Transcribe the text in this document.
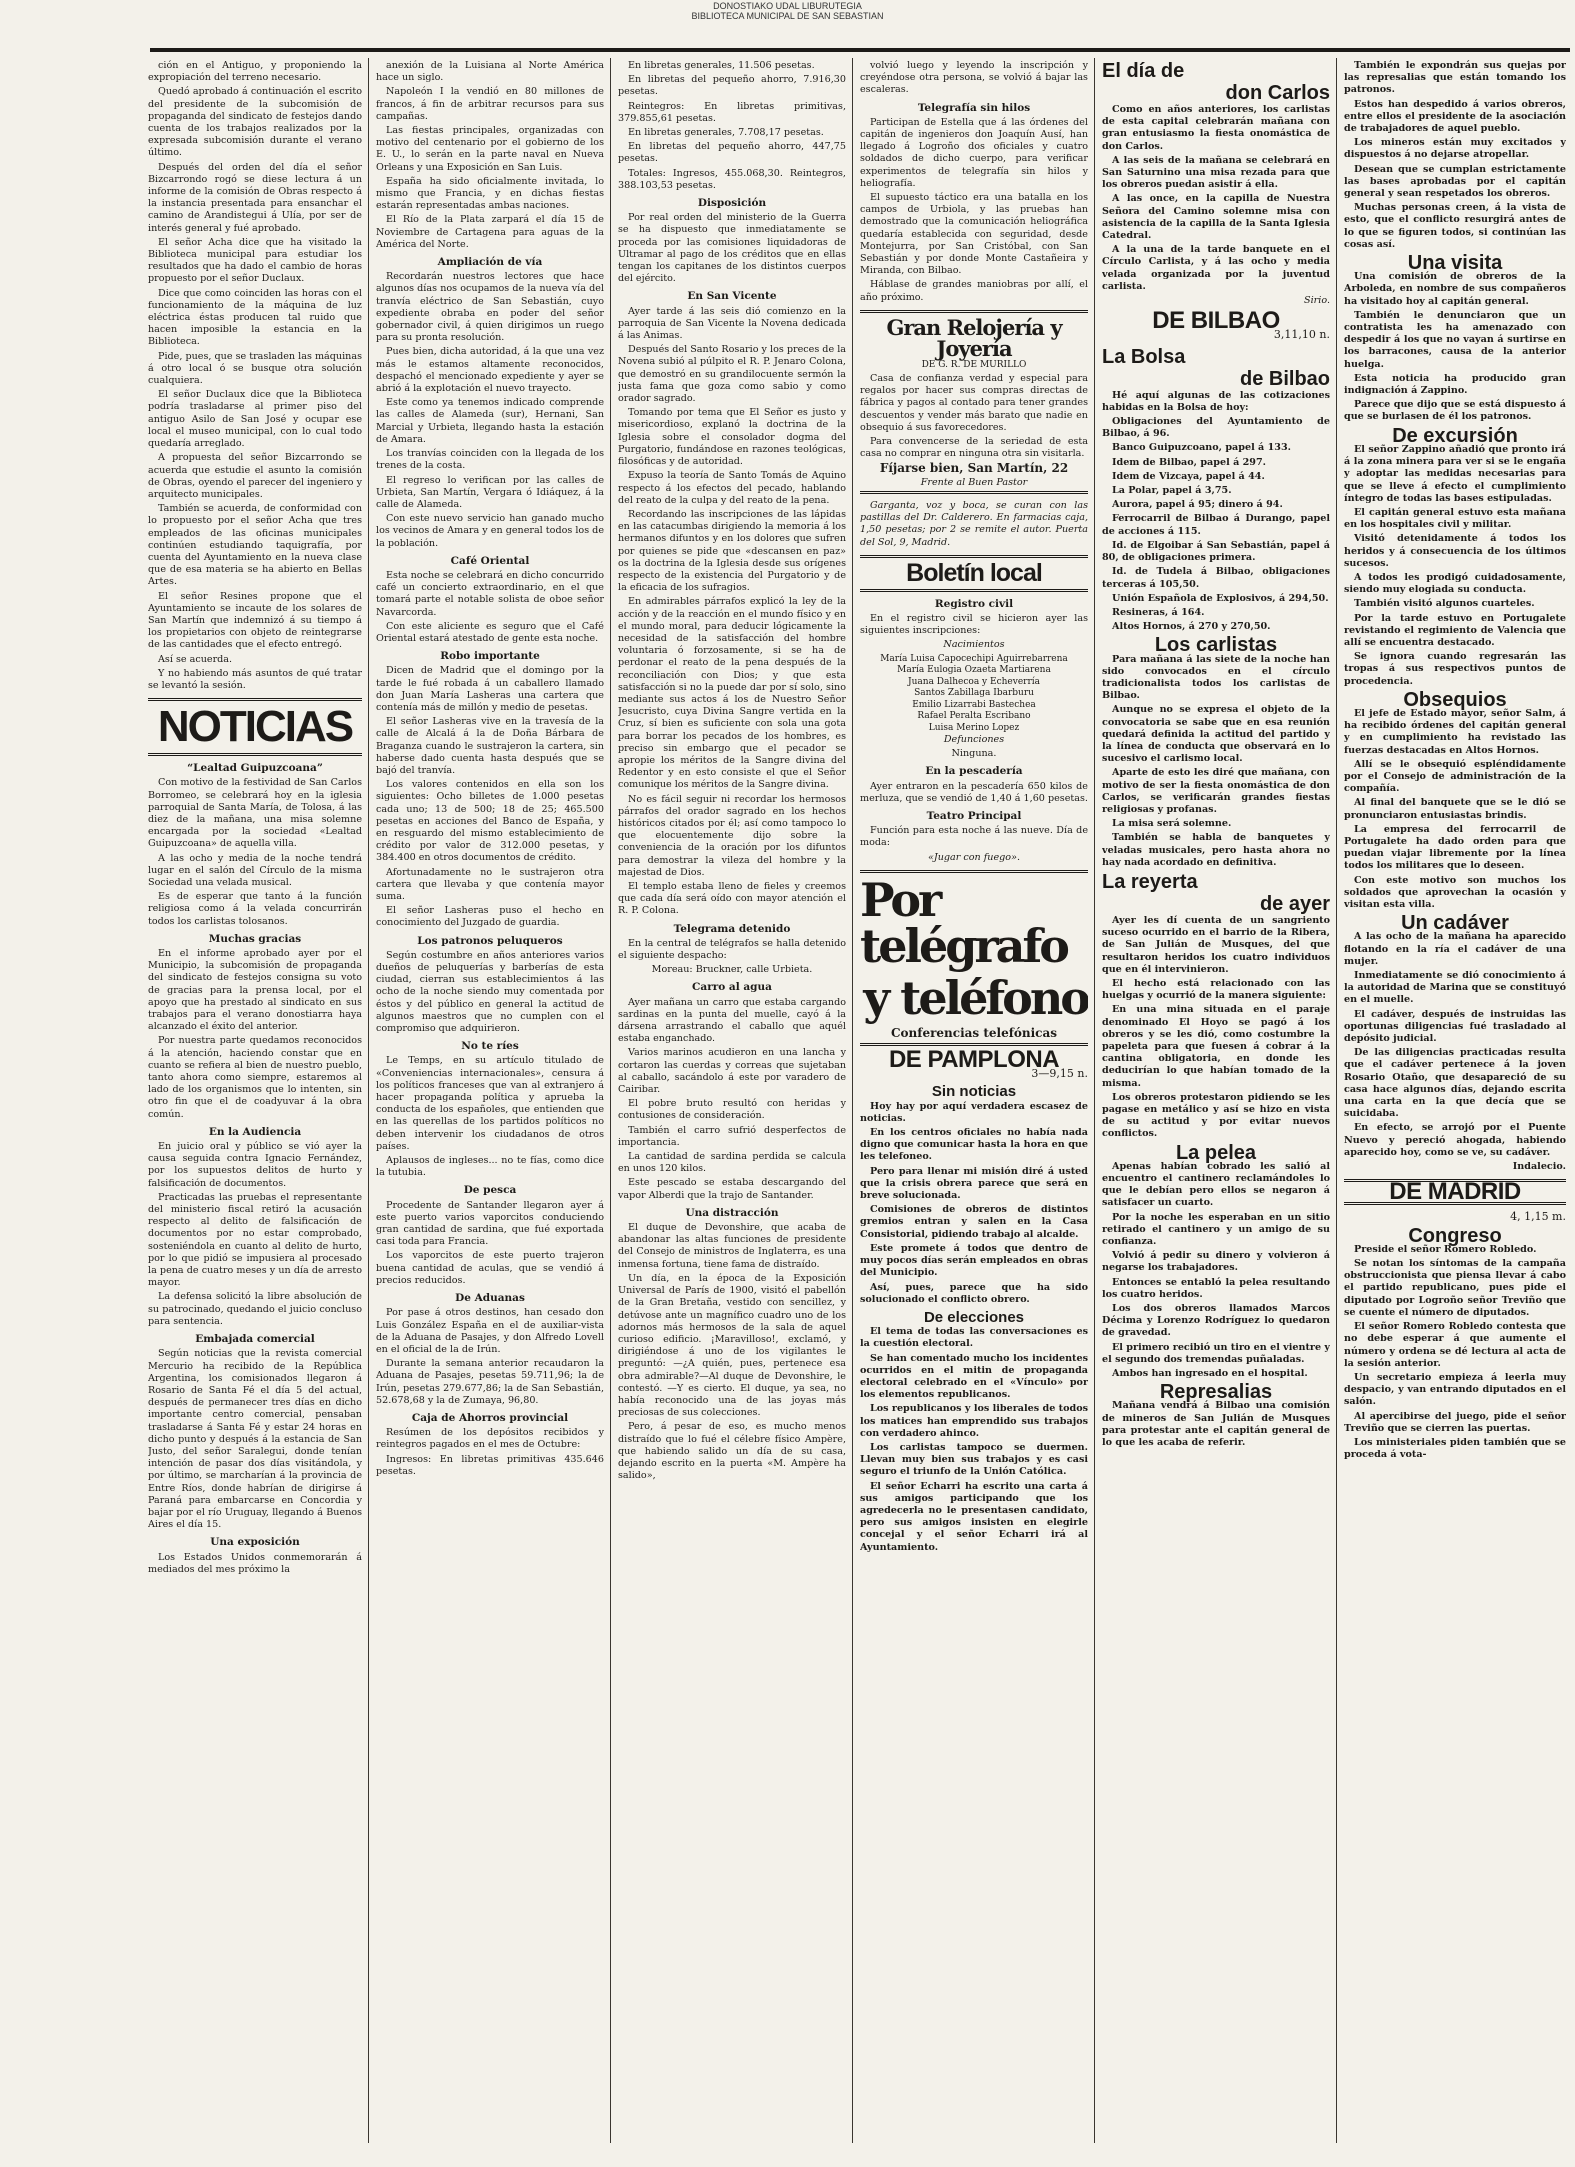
DONOSTIAKO UDAL LIBURUTEGIA
BIBLIOTECA MUNICIPAL DE SAN SEBASTIAN

ción en el Antiguo, y proponiendo la expropiación del terreno necesario.

Quedó aprobado á continuación el escrito del presidente de la subcomisión de propaganda del sindicato de festejos dando cuenta de los trabajos realizados por la expresada subcomisión durante el verano último.

Después del orden del día el señor Bizcarrondo rogó se diese lectura á un informe de la comisión de Obras respecto á la instancia presentada para ensanchar el camino de Arandistegui á Ulía, por ser de interés general y fué aprobado.

El señor Acha dice que ha visitado la Biblioteca municipal para estudiar los resultados que ha dado el cambio de horas propuesto por el señor Duclaux.

Dice que como coinciden las horas con el funcionamiento de la máquina de luz eléctrica éstas producen tal ruido que hacen imposible la estancia en la Biblioteca.

Pide, pues, que se trasladen las máquinas á otro local ó se busque otra solución cualquiera.

El señor Duclaux dice que la Biblioteca podría trasladarse al primer piso del antiguo Asilo de San José y ocupar ese local el museo municipal, con lo cual todo quedaría arreglado.

A propuesta del señor Bizcarrondo se acuerda que estudie el asunto la comisión de Obras, oyendo el parecer del ingeniero y arquitecto municipales.

También se acuerda, de conformidad con lo propuesto por el señor Acha que tres empleados de las oficinas municipales continúen estudiando taquigrafía, por cuenta del Ayuntamiento en la nueva clase que de esa materia se ha abierto en Bellas Artes.

El señor Resines propone que el Ayuntamiento se incaute de los solares de San Martín que indemnizó á su tiempo á los propietarios con objeto de reintegrarse de las cantidades que el efecto entregó.

Así se acuerda.

Y no habiendo más asuntos de qué tratar se levantó la sesión.

NOTICIAS
“Lealtad Guipuzcoana”

Con motivo de la festividad de San Carlos Borromeo, se celebrará hoy en la iglesia parroquial de Santa María, de Tolosa, á las diez de la mañana, una misa solemne encargada por la sociedad «Lealtad Guipuzcoana» de aquella villa.

A las ocho y media de la noche tendrá lugar en el salón del Círculo de la misma Sociedad una velada musical.

Es de esperar que tanto á la función religiosa como á la velada concurrirán todos los carlistas tolosanos.

Muchas gracias

En el informe aprobado ayer por el Municipio, la subcomisión de propaganda del sindicato de festejos consigna su voto de gracias para la prensa local, por el apoyo que ha prestado al sindicato en sus trabajos para el verano donostiarra haya alcanzado el éxito del anterior.

Por nuestra parte quedamos reconocidos á la atención, haciendo constar que en cuanto se refiera al bien de nuestro pueblo, tanto ahora como siempre, estaremos al lado de los organismos que lo intenten, sin otro fin que el de coadyuvar á la obra común.

En la Audiencia

En juicio oral y público se vió ayer la causa seguida contra Ignacio Fernández, por los supuestos delitos de hurto y falsificación de documentos.

Practicadas las pruebas el representante del ministerio fiscal retiró la acusación respecto al delito de falsificación de documentos por no estar comprobado, sosteniéndola en cuanto al delito de hurto, por lo que pidió se impusiera al procesado la pena de cuatro meses y un día de arresto mayor.

La defensa solicitó la libre absolución de su patrocinado, quedando el juicio concluso para sentencia.

Embajada comercial

Según noticias que la revista comercial Mercurio ha recibido de la República Argentina, los comisionados llegaron á Rosario de Santa Fé el día 5 del actual, después de permanecer tres días en dicho importante centro comercial, pensaban trasladarse á Santa Fé y estar 24 horas en dicho punto y después á la estancia de San Justo, del señor Saralegui, donde tenían intención de pasar dos días visitándola, y por último, se marcharían á la provincia de Entre Ríos, donde habrían de dirigirse á Paraná para embarcarse en Concordia y bajar por el río Uruguay, llegando á Buenos Aires el día 15.

Una exposición

Los Estados Unidos conmemorarán á mediados del mes próximo la

anexión de la Luisiana al Norte América hace un siglo.

Napoleón I la vendió en 80 millones de francos, á fin de arbitrar recursos para sus campañas.

Las fiestas principales, organizadas con motivo del centenario por el gobierno de los E. U., lo serán en la parte naval en Nueva Orleans y una Exposición en San Luis.

España ha sido oficialmente invitada, lo mismo que Francia, y en dichas fiestas estarán representadas ambas naciones.

El Río de la Plata zarpará el día 15 de Noviembre de Cartagena para aguas de la América del Norte.

Ampliación de vía

Recordarán nuestros lectores que hace algunos días nos ocupamos de la nueva vía del tranvía eléctrico de San Sebastián, cuyo expediente obraba en poder del señor gobernador civil, á quien dirigimos un ruego para su pronta resolución.

Pues bien, dicha autoridad, á la que una vez más le estamos altamente reconocidos, despachó el mencionado expediente y ayer se abrió á la explotación el nuevo trayecto.

Este como ya tenemos indicado comprende las calles de Alameda (sur), Hernani, San Marcial y Urbieta, llegando hasta la estación de Amara.

Los tranvías coinciden con la llegada de los trenes de la costa.

El regreso lo verifican por las calles de Urbieta, San Martín, Vergara ó Idiáquez, á la calle de Alameda.

Con este nuevo servicio han ganado mucho los vecinos de Amara y en general todos los de la población.

Café Oriental

Esta noche se celebrará en dicho concurrido café un concierto extraordinario, en el que tomará parte el notable solista de oboe señor Navarcorda.

Con este aliciente es seguro que el Café Oriental estará atestado de gente esta noche.

Robo importante

Dicen de Madrid que el domingo por la tarde le fué robada á un caballero llamado don Juan María Lasheras una cartera que contenía más de millón y medio de pesetas.

El señor Lasheras vive en la travesía de la calle de Alcalá á la de Doña Bárbara de Braganza cuando le sustrajeron la cartera, sin haberse dado cuenta hasta después que se bajó del tranvía.

Los valores contenidos en ella son los siguientes: Ocho billetes de 1.000 pesetas cada uno; 13 de 500; 18 de 25; 465.500 pesetas en acciones del Banco de España, y en resguardo del mismo establecimiento de crédito por valor de 312.000 pesetas, y 384.400 en otros documentos de crédito.

Afortunadamente no le sustrajeron otra cartera que llevaba y que contenía mayor suma.

El señor Lasheras puso el hecho en conocimiento del Juzgado de guardia.

Los patronos peluqueros

Según costumbre en años anteriores varios dueños de peluquerías y barberías de esta ciudad, cierran sus establecimientos á las ocho de la noche siendo muy comentada por éstos y del público en general la actitud de algunos maestros que no cumplen con el compromiso que adquirieron.

No te ríes

Le Temps, en su artículo titulado de «Conveniencias internacionales», censura á los políticos franceses que van al extranjero á hacer propaganda política y aprueba la conducta de los españoles, que entienden que en las querellas de los partidos políticos no deben intervenir los ciudadanos de otros países.

Aplausos de ingleses... no te fías, como dice la tutubia.

De pesca

Procedente de Santander llegaron ayer á este puerto varios vaporcitos conduciendo gran cantidad de sardina, que fué exportada casi toda para Francia.

Los vaporcitos de este puerto trajeron buena cantidad de aculas, que se vendió á precios reducidos.

De Aduanas

Por pase á otros destinos, han cesado don Luis González España en el de auxiliar-vista de la Aduana de Pasajes, y don Alfredo Lovell en el oficial de la de Irún.

Durante la semana anterior recaudaron la Aduana de Pasajes, pesetas 59.711,96; la de Irún, pesetas 279.677,86; la de San Sebastián, 52.678,68 y la de Zumaya, 96,80.

Caja de Ahorros provincial

Resúmen de los depósitos recibidos y reintegros pagados en el mes de Octubre:

Ingresos: En libretas primitivas 435.646 pesetas.

En libretas generales, 11.506 pesetas.

En libretas del pequeño ahorro, 7.916,30 pesetas.

Reintegros: En libretas primitivas, 379.855,61 pesetas.

En libretas generales, 7.708,17 pesetas.

En libretas del pequeño ahorro, 447,75 pesetas.

Totales: Ingresos, 455.068,30. Reintegros, 388.103,53 pesetas.

Disposición

Por real orden del ministerio de la Guerra se ha dispuesto que inmediatamente se proceda por las comisiones liquidadoras de Ultramar al pago de los créditos que en ellas tengan los capitanes de los distintos cuerpos del ejército.

En San Vicente

Ayer tarde á las seis dió comienzo en la parroquia de San Vicente la Novena dedicada á las Animas.

Después del Santo Rosario y los preces de la Novena subió al púlpito el R. P. Jenaro Colona, que demostró en su grandilocuente sermón la justa fama que goza como sabio y como orador sagrado.

Tomando por tema que El Señor es justo y misericordioso, explanó la doctrina de la Iglesia sobre el consolador dogma del Purgatorio, fundándose en razones teológicas, filosóficas y de autoridad.

Expuso la teoría de Santo Tomás de Aquino respecto á los efectos del pecado, hablando del reato de la culpa y del reato de la pena.

Recordando las inscripciones de las lápidas en las catacumbas dirigiendo la memoria á los hermanos difuntos y en los dolores que sufren por quienes se pide que «descansen en paz» os la doctrina de la Iglesia desde sus orígenes respecto de la existencia del Purgatorio y de la eficacia de los sufragios.

En admirables párrafos explicó la ley de la acción y de la reacción en el mundo físico y en el mundo moral, para deducir lógicamente la necesidad de la satisfacción del hombre voluntaria ó forzosamente, si se ha de perdonar el reato de la pena después de la reconciliación con Dios; y que esta satisfacción si no la puede dar por sí solo, sino mediante sus actos á los de Nuestro Señor Jesucristo, cuya Divina Sangre vertida en la Cruz, sí bien es suficiente con sola una gota para borrar los pecados de los hombres, es preciso sin embargo que el pecador se apropie los méritos de la Sangre divina del Redentor y en esto consiste el que el Señor comunique los méritos de la Sangre divina.

No es fácil seguir ni recordar los hermosos párrafos del orador sagrado en los hechos históricos citados por él; así como tampoco lo que elocuentemente dijo sobre la conveniencia de la oración por los difuntos para demostrar la vileza del hombre y la majestad de Dios.

El templo estaba lleno de fieles y creemos que cada día será oído con mayor atención el R. P. Colona.

Telegrama detenido

En la central de telégrafos se halla detenido el siguiente despacho:

Moreau: Bruckner, calle Urbieta.

Carro al agua

Ayer mañana un carro que estaba cargando sardinas en la punta del muelle, cayó á la dársena arrastrando el caballo que aquél estaba enganchado.

Varios marinos acudieron en una lancha y cortaron las cuerdas y correas que sujetaban al caballo, sacándolo á este por varadero de Cairibar.

El pobre bruto resultó con heridas y contusiones de consideración.

También el carro sufrió desperfectos de importancia.

La cantidad de sardina perdida se calcula en unos 120 kilos.

Este pescado se estaba descargando del vapor Alberdi que la trajo de Santander.

Una distracción

El duque de Devonshire, que acaba de abandonar las altas funciones de presidente del Consejo de ministros de Inglaterra, es una inmensa fortuna, tiene fama de distraído.

Un día, en la época de la Exposición Universal de París de 1900, visitó el pabellón de la Gran Bretaña, vestido con sencillez, y detúvose ante un magnífico cuadro uno de los adornos más hermosos de la sala de aquel curioso edificio. ¡Maravilloso!, exclamó, y dirigiéndose á uno de los vigilantes le preguntó: —¿A quién, pues, pertenece esa obra admirable?—Al duque de Devonshire, le contestó. —Y es cierto. El duque, ya sea, no había reconocido una de las joyas más preciosas de sus colecciones.

Pero, á pesar de eso, es mucho menos distraído que lo fué el célebre físico Ampère, que habiendo salido un día de su casa, dejando escrito en la puerta «M. Ampère ha salido»,

volvió luego y leyendo la inscripción y creyéndose otra persona, se volvió á bajar las escaleras.

Telegrafía sin hilos

Participan de Estella que á las órdenes del capitán de ingenieros don Joaquín Ausí, han llegado á Logroño dos oficiales y cuatro soldados de dicho cuerpo, para verificar experimentos de telegrafía sin hilos y heliografía.

El supuesto táctico era una batalla en los campos de Urbiola, y las pruebas han demostrado que la comunicación heliográfica quedaría establecida con seguridad, desde Montejurra, por San Cristóbal, con San Sebastián y por donde Monte Castañeira y Miranda, con Bilbao.

Háblase de grandes maniobras por allí, el año próximo.

Gran Relojería y Joyería

DE G. R. DE MURILLO

Casa de confianza verdad y especial para regalos por hacer sus compras directas de fábrica y pagos al contado para tener grandes descuentos y vender más barato que nadie en obsequio á sus favorecedores.

Para convencerse de la seriedad de esta casa no comprar en ninguna otra sin visitarla.

Fíjarse bien, San Martín, 22

Frente al Buen Pastor

Garganta, voz y boca, se curan con las pastillas del Dr. Calderero. En farmacias caja, 1,50 pesetas; por 2 se remite el autor. Puerta del Sol, 9, Madrid.

Boletín local
Registro civil

En el registro civil se hicieron ayer las siguientes inscripciones:

Nacimientos

María Luisa Capocechipi Aguirrebarrena
María Eulogia Ozaeta Martiarena
Juana Dalhecoa y Echeverría
Santos Zabillaga Ibarburu
Emilio Lizarrabi Bastechea
Rafael Peralta Escribano
Luisa Merino Lopez

Defunciones

Ninguna.

En la pescadería

Ayer entraron en la pescadería 650 kilos de merluza, que se vendió de 1,40 á 1,60 pesetas.

Teatro Principal

Función para esta noche á las nueve. Día de moda:

«Jugar con fuego».

Por telégrafo
y teléfono
Conferencias telefónicas
DE PAMPLONA
3—9,15 n.
Sin noticias

Hoy hay por aquí verdadera escasez de noticias.

En los centros oficiales no había nada digno que comunicar hasta la hora en que les telefoneo.

Pero para llenar mi misión diré á usted que la crisis obrera parece que será en breve solucionada.

Comisiones de obreros de distintos gremios entran y salen en la Casa Consistorial, pidiendo trabajo al alcalde.

Este promete á todos que dentro de muy pocos días serán empleados en obras del Municipio.

Así, pues, parece que ha sido solucionado el conflicto obrero.

De elecciones

El tema de todas las conversaciones es la cuestión electoral.

Se han comentado mucho los incidentes ocurridos en el mitin de propaganda electoral celebrado en el «Vínculo» por los elementos republicanos.

Los republicanos y los liberales de todos los matices han emprendido sus trabajos con verdadero ahinco.

Los carlistas tampoco se duermen. Llevan muy bien sus trabajos y es casi seguro el triunfo de la Unión Católica.

El señor Echarri ha escrito una carta á sus amigos participando que los agredecerla no le presentasen candidato, pero sus amigos insisten en elegirle concejal y el señor Echarri irá al Ayuntamiento.

El día de
don Carlos

Como en años anteriores, los carlistas de esta capital celebrarán mañana con gran entusiasmo la fiesta onomástica de don Carlos.

A las seis de la mañana se celebrará en San Saturnino una misa rezada para que los obreros puedan asistir á ella.

A las once, en la capilla de Nuestra Señora del Camino solemne misa con asistencia de la capilla de la Santa Iglesia Catedral.

A la una de la tarde banquete en el Círculo Carlista, y á las ocho y media velada organizada por la juventud carlista.

Sirio.

DE BILBAO
3,11,10 n.
La Bolsa
de Bilbao

Hé aquí algunas de las cotizaciones habidas en la Bolsa de hoy:

Obligaciones del Ayuntamiento de Bilbao, á 96.

Banco Guipuzcoano, papel á 133.

Idem de Bilbao, papel á 297.

Idem de Vizcaya, papel á 44.

La Polar, papel á 3,75.

Aurora, papel á 95; dinero á 94.

Ferrocarril de Bilbao á Durango, papel de acciones á 115.

Id. de Elgoibar á San Sebastián, papel á 80, de obligaciones primera.

Id. de Tudela á Bilbao, obligaciones terceras á 105,50.

Unión Española de Explosivos, á 294,50.

Resineras, á 164.

Altos Hornos, á 270 y 270,50.

Los carlistas

Para mañana á las siete de la noche han sido convocados en el círculo tradicionalista todos los carlistas de Bilbao.

Aunque no se expresa el objeto de la convocatoria se sabe que en esa reunión quedará definida la actitud del partido y la línea de conducta que observará en lo sucesivo el carlismo local.

Aparte de esto les diré que mañana, con motivo de ser la fiesta onomástica de don Carlos, se verificarán grandes fiestas religiosas y profanas.

La misa será solemne.

También se habla de banquetes y veladas musicales, pero hasta ahora no hay nada acordado en definitiva.

La reyerta
de ayer

Ayer les dí cuenta de un sangriento suceso ocurrido en el barrio de la Ribera, de San Julián de Musques, del que resultaron heridos los cuatro individuos que en él intervinieron.

El hecho está relacionado con las huelgas y ocurrió de la manera siguiente:

En una mina situada en el paraje denominado El Hoyo se pagó á los obreros y se les dió, como costumbre la papeleta para que fuesen á cobrar á la cantina obligatoria, en donde les deducirían lo que habían tomado de la misma.

Los obreros protestaron pidiendo se les pagase en metálico y así se hizo en vista de su actitud y por evitar nuevos conflictos.

La pelea

Apenas habían cobrado les salió al encuentro el cantinero reclamándoles lo que le debían pero ellos se negaron á satisfacer un cuarto.

Por la noche les esperaban en un sitio retirado el cantinero y un amigo de su confianza.

Volvió á pedir su dinero y volvieron á negarse los trabajadores.

Entonces se entabló la pelea resultando los cuatro heridos.

Los dos obreros llamados Marcos Décima y Lorenzo Rodríguez lo quedaron de gravedad.

El primero recibió un tiro en el vientre y el segundo dos tremendas puñaladas.

Ambos han ingresado en el hospital.

Represalias

Mañana vendrá á Bilbao una comisión de mineros de San Julián de Musques para protestar ante el capitán general de lo que les acaba de referir.

También le expondrán sus quejas por las represalias que están tomando los patronos.

Estos han despedido á varios obreros, entre ellos el presidente de la asociación de trabajadores de aquel pueblo.

Los mineros están muy excitados y dispuestos á no dejarse atropellar.

Desean que se cumplan estrictamente las bases aprobadas por el capitán general y sean respetados los obreros.

Muchas personas creen, á la vista de esto, que el conflicto resurgirá antes de lo que se figuren todos, si continúan las cosas así.

Una visita

Una comisión de obreros de la Arboleda, en nombre de sus compañeros ha visitado hoy al capitán general.

También le denunciaron que un contratista les ha amenazado con despedir á los que no vayan á surtirse en los barracones, causa de la anterior huelga.

Esta noticia ha producido gran indignación á Zappino.

Parece que dijo que se está dispuesto á que se burlasen de él los patronos.

De excursión

El señor Zappino añadió que pronto irá á la zona minera para ver si se le engaña y adoptar las medidas necesarias para que se lleve á efecto el cumplimiento íntegro de todas las bases estipuladas.

El capitán general estuvo esta mañana en los hospitales civil y militar.

Visitó detenidamente á todos los heridos y á consecuencia de los últimos sucesos.

A todos les prodigó cuidadosamente, siendo muy elogiada su conducta.

También visitó algunos cuarteles.

Por la tarde estuvo en Portugalete revistando el regimiento de Valencia que allí se encuentra destacado.

Se ignora cuando regresarán las tropas á sus respectivos puntos de procedencia.

Obsequios

El jefe de Estado mayor, señor Salm, á ha recibido órdenes del capitán general y en cumplimiento ha revistado las fuerzas destacadas en Altos Hornos.

Allí se le obsequió espléndidamente por el Consejo de administración de la compañía.

Al final del banquete que se le dió se pronunciaron entusiastas brindis.

La empresa del ferrocarril de Portugalete ha dado orden para que puedan viajar libremente por la línea todos los militares que lo deseen.

Con este motivo son muchos los soldados que aprovechan la ocasión y visitan esta villa.

Un cadáver

A las ocho de la mañana ha aparecido flotando en la ría el cadáver de una mujer.

Inmediatamente se dió conocimiento á la autoridad de Marina que se constituyó en el muelle.

El cadáver, después de instruidas las oportunas diligencias fué trasladado al depósito judicial.

De las diligencias practicadas resulta que el cadáver pertenece á la joven Rosario Otaño, que desapareció de su casa hace algunos días, dejando escrita una carta en la que decía que se suicidaba.

En efecto, se arrojó por el Puente Nuevo y pereció ahogada, habiendo aparecido hoy, como se ve, su cadáver.

Indalecio.

DE MADRID
4, 1,15 m.
Congreso

Preside el señor Romero Robledo.

Se notan los síntomas de la campaña obstruccionista que piensa llevar á cabo el partido republicano, pues pide el diputado por Logroño señor Treviño que se cuente el número de diputados.

El señor Romero Robledo contesta que no debe esperar á que aumente el número y ordena se dé lectura al acta de la sesión anterior.

Un secretario empieza á leerla muy despacio, y van entrando diputados en el salón.

Al apercibirse del juego, pide el señor Treviño que se cierren las puertas.

Los ministeriales piden también que se proceda á vota-
